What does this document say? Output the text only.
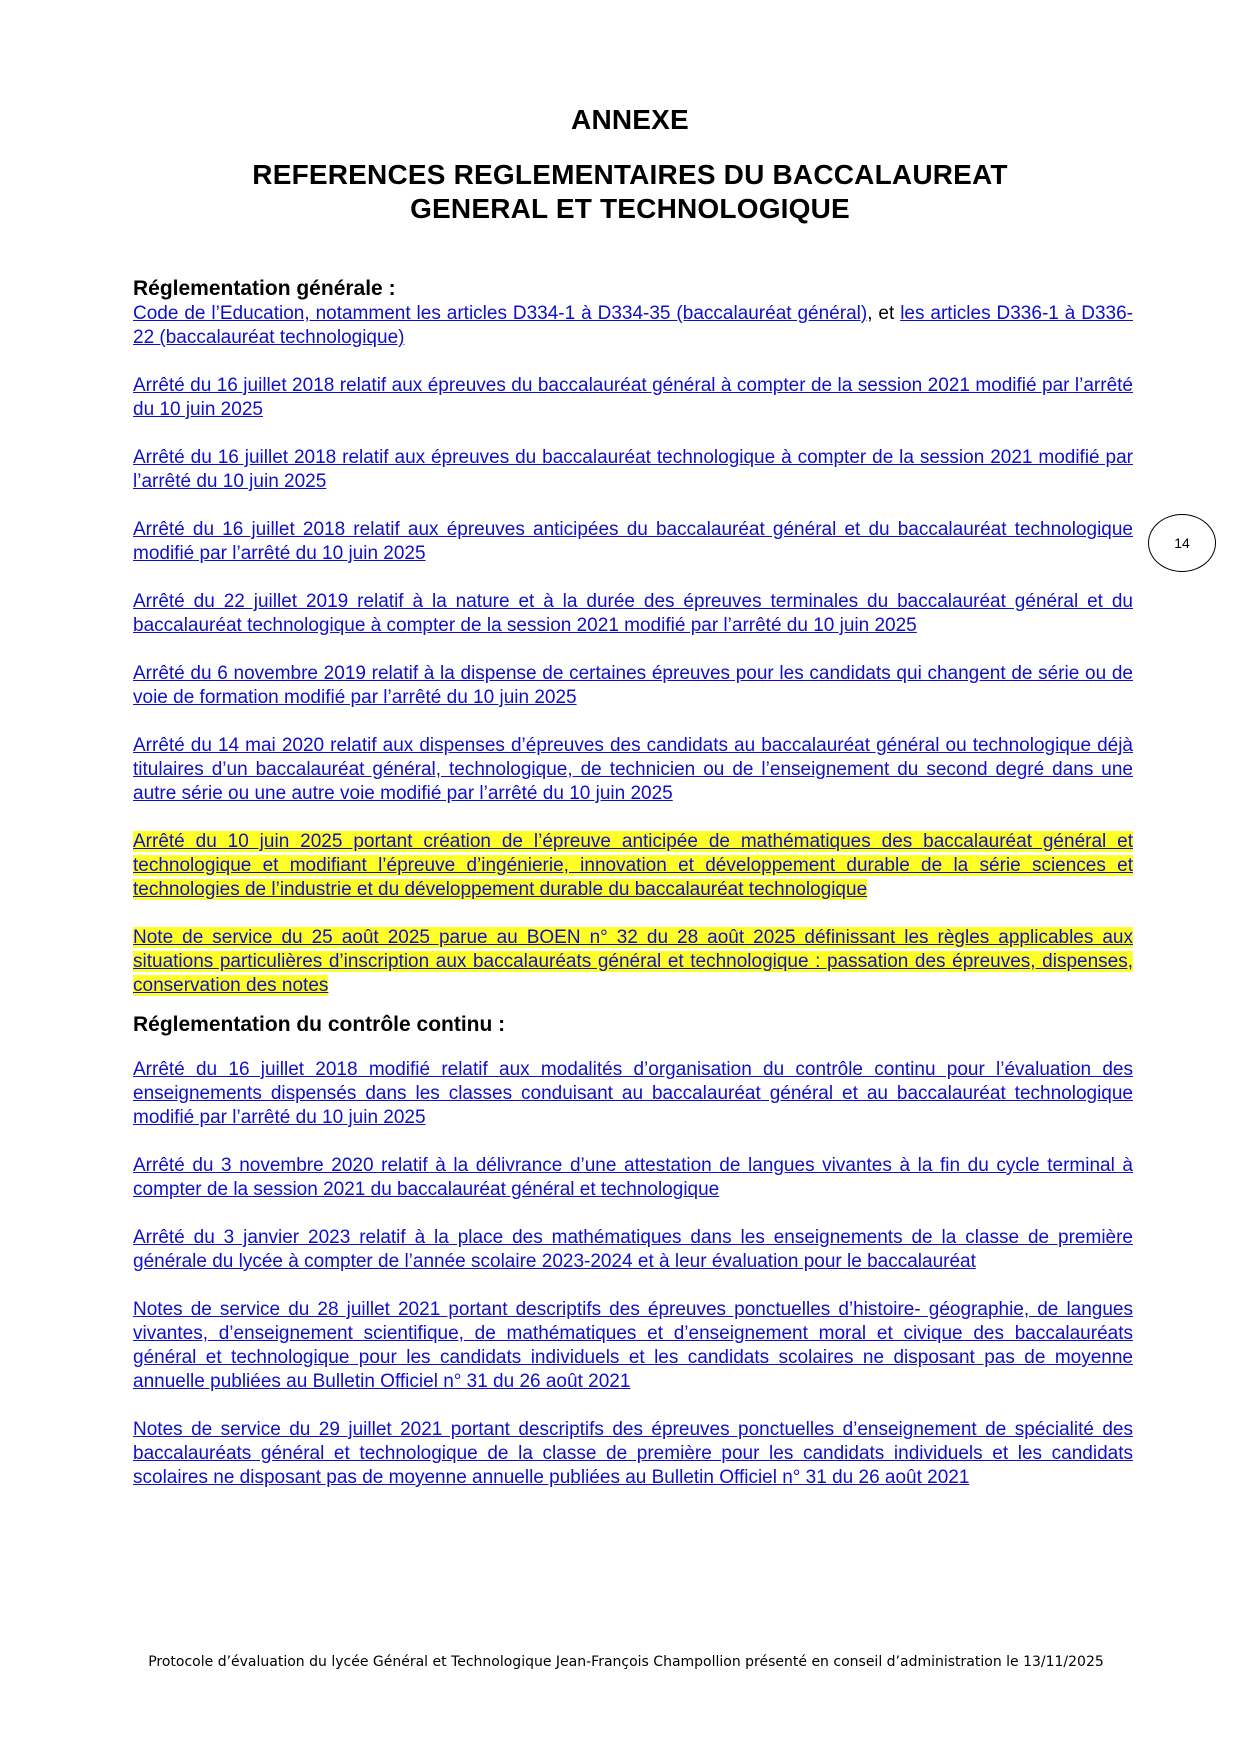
ANNEXE
REFERENCES REGLEMENTAIRES DU BACCALAUREAT
GENERAL ET TECHNOLOGIQUE
14

Réglementation générale :

Code de l’Education, notamment les articles D334-1 à D334-35 (baccalauréat général), et les articles D336-1 à D336-22 (baccalauréat technologique)

Arrêté du 16 juillet 2018 relatif aux épreuves du baccalauréat général à compter de la session 2021 modifié par l’arrêté du 10 juin 2025

Arrêté du 16 juillet 2018 relatif aux épreuves du baccalauréat technologique à compter de la session 2021 modifié par l’arrêté du 10 juin 2025

Arrêté du 16 juillet 2018 relatif aux épreuves anticipées du baccalauréat général et du baccalauréat technologique modifié par l’arrêté du 10 juin 2025

Arrêté du 22 juillet 2019 relatif à la nature et à la durée des épreuves terminales du baccalauréat général et du baccalauréat technologique à compter de la session 2021 modifié par l’arrêté du 10 juin 2025

Arrêté du 6 novembre 2019 relatif à la dispense de certaines épreuves pour les candidats qui changent de série ou de voie de formation modifié par l’arrêté du 10 juin 2025

Arrêté du 14 mai 2020 relatif aux dispenses d’épreuves des candidats au baccalauréat général ou technologique déjà titulaires d’un baccalauréat général, technologique, de technicien ou de l’enseignement du second degré dans une autre série ou une autre voie modifié par l’arrêté du 10 juin 2025

Arrêté du 10 juin 2025 portant création de l’épreuve anticipée de mathématiques des baccalauréat général et technologique et modifiant l’épreuve d’ingénierie, innovation et développement durable de la série sciences et technologies de l’industrie et du développement durable du baccalauréat technologique

Note de service du 25 août 2025 parue au BOEN n° 32 du 28 août 2025 définissant les règles applicables aux situations particulières d’inscription aux baccalauréats général et technologique : passation des épreuves, dispenses, conservation des notes

Réglementation du contrôle continu :

Arrêté du 16 juillet 2018 modifié relatif aux modalités d’organisation du contrôle continu pour l’évaluation des enseignements dispensés dans les classes conduisant au baccalauréat général et au baccalauréat technologique modifié par l’arrêté du 10 juin 2025

Arrêté du 3 novembre 2020 relatif à la délivrance d’une attestation de langues vivantes à la fin du cycle terminal à compter de la session 2021 du baccalauréat général et technologique

Arrêté du 3 janvier 2023 relatif à la place des mathématiques dans les enseignements de la classe de première générale du lycée à compter de l’année scolaire 2023-2024 et à leur évaluation pour le baccalauréat

Notes de service du 28 juillet 2021 portant descriptifs des épreuves ponctuelles d’histoire- géographie, de langues vivantes, d’enseignement scientifique, de mathématiques et d’enseignement moral et civique des baccalauréats général et technologique pour les candidats individuels et les candidats scolaires ne disposant pas de moyenne annuelle publiées au Bulletin Officiel n° 31 du 26 août 2021

Notes de service du 29 juillet 2021 portant descriptifs des épreuves ponctuelles d’enseignement de spécialité des baccalauréats général et technologique de la classe de première pour les candidats individuels et les candidats scolaires ne disposant pas de moyenne annuelle publiées au Bulletin Officiel n° 31 du 26 août 2021

Protocole d’évaluation du lycée Général et Technologique Jean-François Champollion présenté en conseil d’administration le 13/11/2025
